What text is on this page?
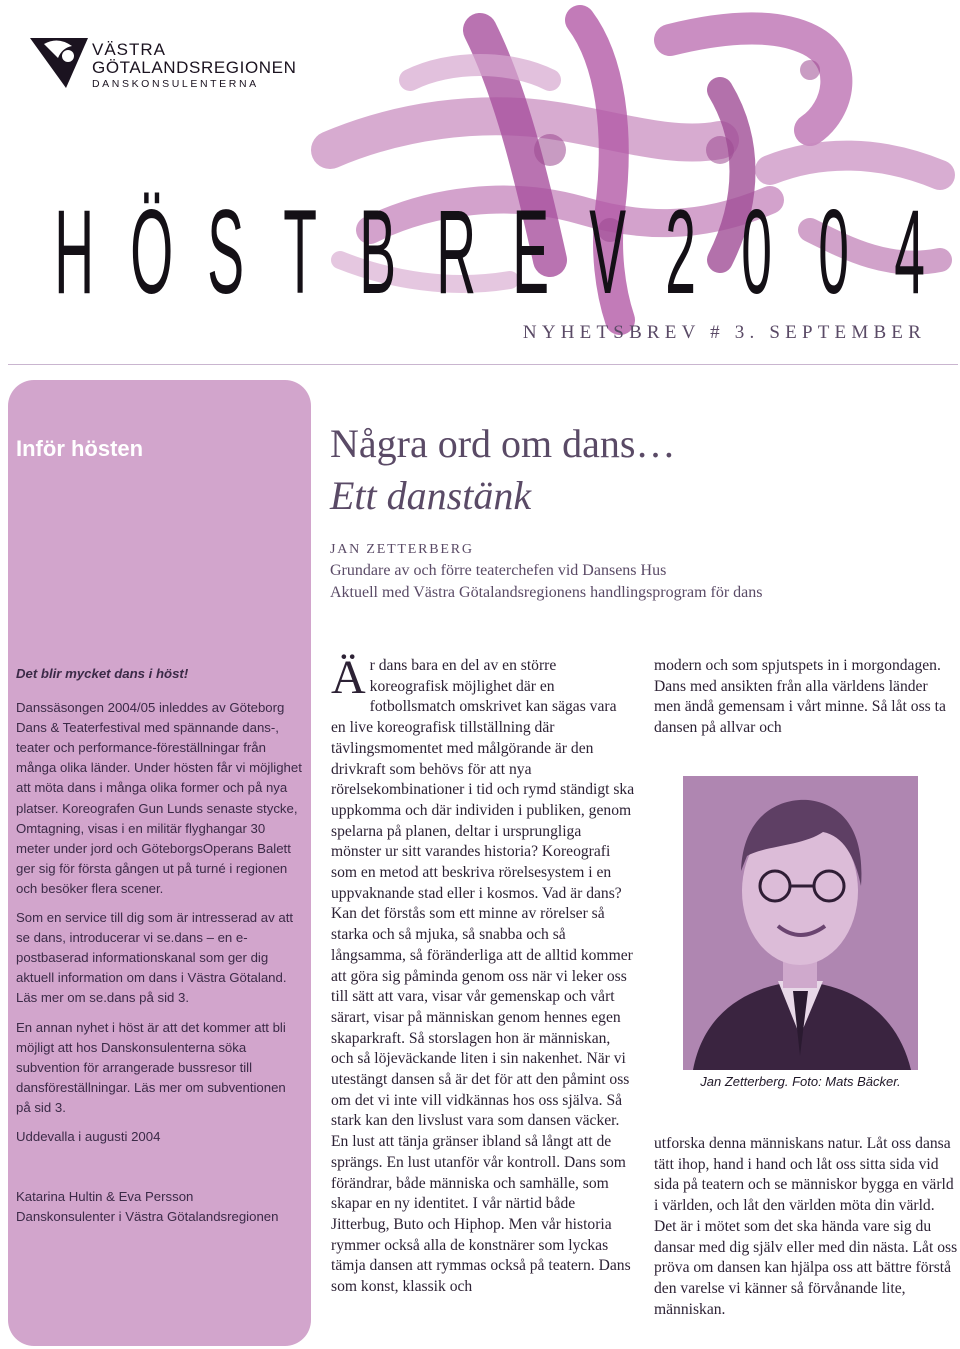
VÄSTRA
GÖTALANDSREGIONEN
DANSKONSULENTERNA
H Ö S T B R E V 2 0 0 4
NYHETSBREV # 3. SEPTEMBER
Inför hösten

Det blir mycket dans i höst!

Danssäsongen 2004/05 inleddes av Göteborg Dans & Teaterfestival med spännande dans-, teater och performance-föreställningar från många olika länder. Under hösten får vi möjlighet att möta dans i många olika former och på nya platser. Koreografen Gun Lunds senaste stycke, Omtagning, visas i en militär flyghangar 30 meter under jord och GöteborgsOperans Balett ger sig för första gången ut på turné i regionen och besöker flera scener.

Som en service till dig som är intresserad av att se dans, introducerar vi se.dans – en e-postbaserad informationskanal som ger dig aktuell information om dans i Västra Götaland. Läs mer om se.dans på sid 3.

En annan nyhet i höst är att det kommer att bli möjligt att hos Danskonsulenterna söka subvention för arrangerade bussresor till dansföreställningar. Läs mer om subventionen på sid 3.

Uddevalla i augusti 2004

Katarina Hultin & Eva Persson

Danskonsulenter i Västra Götalandsregionen

Några ord om dans…
Ett danstänk
JAN ZETTERBERG
Grundare av och förre teaterchefen vid Dansens Hus
Aktuell med Västra Götalandsregionens handlingsprogram för dans
Är dans bara en del av en större koreografisk möjlighet där en fotbollsmatch omskrivet kan sägas vara en live koreografisk tillställning där tävlingsmomentet med målgörande är den drivkraft som behövs för att nya rörelsekombinationer i tid och rymd ständigt ska uppkomma och där individen i publiken, genom spelarna på planen, deltar i ursprungliga mönster ur sitt varandes historia? Koreografi som en metod att beskriva rörelsesystem i en uppvaknande stad eller i kosmos. Vad är dans? Kan det förstås som ett minne av rörelser så starka och så mjuka, så snabba och så långsamma, så föränderliga att de alltid kommer att göra sig påminda genom oss när vi leker oss till sätt att vara, visar vår gemenskap och vårt särart, visar på människan genom hennes egen skaparkraft. Så storslagen hon är människan, och så löjeväckande liten i sin nakenhet. När vi utestängt dansen så är det för att den påmint oss om det vi inte vill vidkännas hos oss själva. Så stark kan den livslust vara som dansen väcker. En lust att tänja gränser ibland så långt att de sprängs. En lust utanför vår kontroll. Dans som förändrar, både människa och samhälle, som skapar en ny identitet. I vår närtid både Jitterbug, Buto och Hiphop. Men vår historia rymmer också alla de konstnärer som lyckas tämja dansen att rymmas också på teatern. Dans som konst, klassik och
modern och som spjutspets in i morgondagen. Dans med ansikten från alla världens länder men ändå gemensam i vårt minne. Så låt oss ta dansen på allvar och
Jan Zetterberg. Foto: Mats Bäcker.
utforska denna människans natur. Låt oss dansa tätt ihop, hand i hand och låt oss sitta sida vid sida på teatern och se människor bygga en värld i världen, och låt den världen möta din värld. Det är i mötet som det ska hända vare sig du dansar med dig själv eller med din nästa. Låt oss pröva om dansen kan hjälpa oss att bättre förstå den varelse vi känner så förvånande lite, människan.
